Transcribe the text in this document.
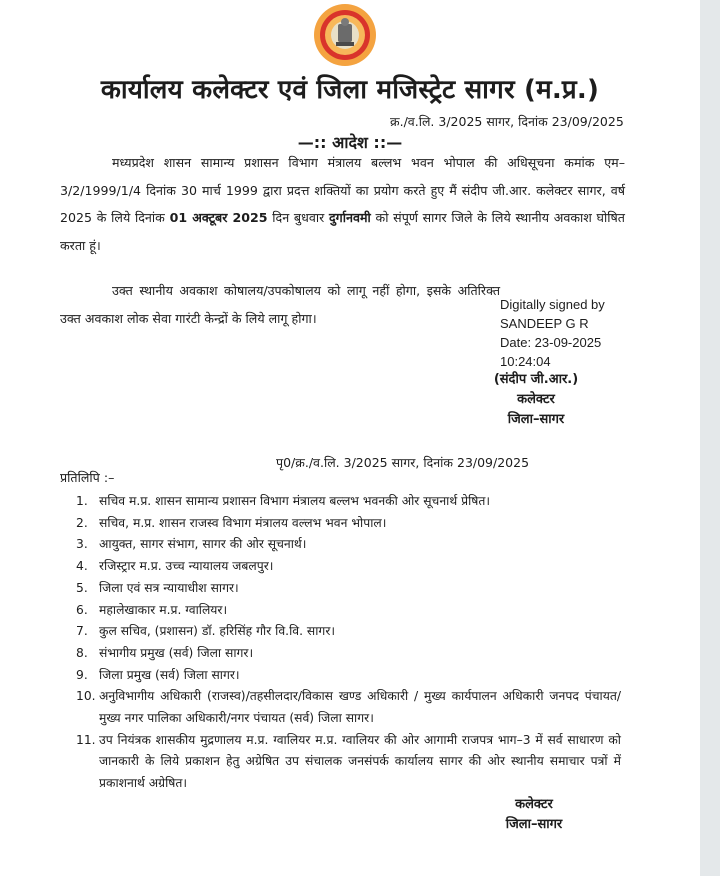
कार्यालय कलेक्टर एवं जिला मजिस्ट्रेट सागर (म.प्र.)
क्र./व.लि. 3/2025 सागर, दिनांक 23/09/2025
—:: आदेश ::—
मध्यप्रदेश शासन सामान्य प्रशासन विभाग मंत्रालय बल्लभ भवन भोपाल की अधिसूचना कमांक एम–3/2/1999/1/4 दिनांक 30 मार्च 1999 द्वारा प्रदत्त शक्तियों का प्रयोग करते हुए मैं संदीप जी.आर. कलेक्टर सागर, वर्ष 2025 के लिये दिनांक 01 अक्टूबर 2025 दिन बुधवार दुर्गानवमी को संपूर्ण सागर जिले के लिये स्थानीय अवकाश घोषित करता हूं।
उक्त स्थानीय अवकाश कोषालय/उपकोषालय को लागू नहीं होगा, इसके अतिरिक्त उक्त अवकाश लोक सेवा गारंटी केन्द्रों के लिये लागू होगा।
Digitally signed by
SANDEEP G R
Date: 23-09-2025
10:24:04
(संदीप जी.आर.)
कलेक्टर
जिला–सागर
पृ0/क्र./व.लि. 3/2025 सागर, दिनांक 23/09/2025
प्रतिलिपि :–
1. सचिव म.प्र. शासन सामान्य प्रशासन विभाग मंत्रालय बल्लभ भवनकी ओर सूचनार्थ प्रेषित।
2. सचिव, म.प्र. शासन राजस्व विभाग मंत्रालय वल्लभ भवन भोपाल।
3. आयुक्त, सागर संभाग, सागर की ओर सूचनार्थ।
4. रजिस्ट्रार म.प्र. उच्च न्यायालय जबलपुर।
5. जिला एवं सत्र न्यायाधीश सागर।
6. महालेखाकार म.प्र. ग्वालियर।
7. कुल सचिव, (प्रशासन) डॉ. हरिसिंह गौर वि.वि. सागर।
8. संभागीय प्रमुख (सर्व) जिला सागर।
9. जिला प्रमुख (सर्व) जिला सागर।
10. अनुविभागीय अधिकारी (राजस्व)/तहसीलदार/विकास खण्ड अधिकारी / मुख्य कार्यपालन अधिकारी जनपद पंचायत/मुख्य नगर पालिका अधिकारी/नगर पंचायत (सर्व) जिला सागर।
11. उप नियंत्रक शासकीय मुद्रणालय म.प्र. ग्वालियर म.प्र. ग्वालियर की ओर आगामी राजपत्र भाग–3 में सर्व साधारण को जानकारी के लिये प्रकाशन हेतु अग्रेषित उप संचालक जनसंपर्क कार्यालय सागर की ओर स्थानीय समाचार पत्रों में प्रकाशनार्थ अग्रेषित।
कलेक्टर
जिला–सागर
